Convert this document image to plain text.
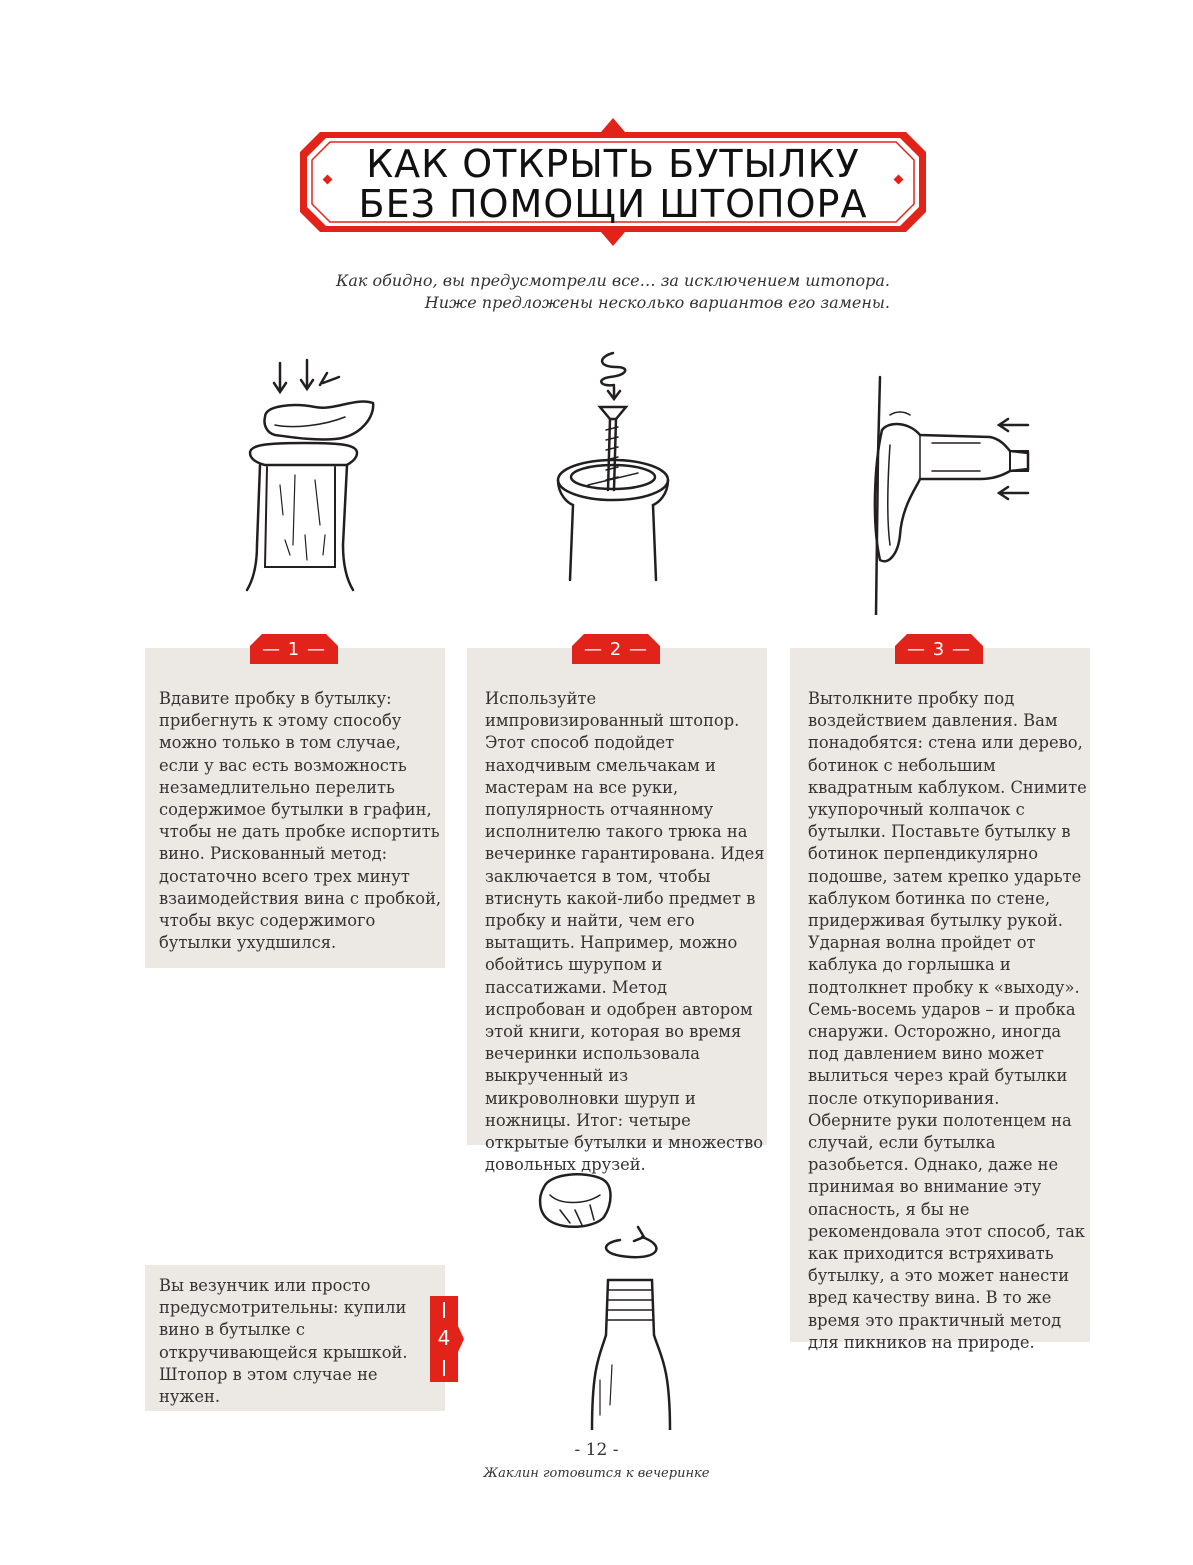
КАК ОТКРЫТЬ БУТЫЛКУ
БЕЗ ПОМОЩИ ШТОПОРА
Как обидно, вы предусмотрели все… за исключением штопора.
Ниже предложены несколько вариантов его замены.

Вдавите пробку в бутылку: прибегнуть к этому способу можно только в том случае, если у вас есть возможность незамедлительно перелить содержимое бутылки в графин, чтобы не дать пробке испортить вино. Рискованный метод: достаточно всего трех минут взаимодействия вина с пробкой, чтобы вкус содержимого бутылки ухудшился.

— 1 —

Используйте импровизированный штопор. Этот способ подойдет находчивым смельчакам и мастерам на все руки, популярность отчаянному исполнителю такого трюка на вечеринке гарантирована. Идея заключается в том, чтобы втиснуть какой-либо предмет в пробку и найти, чем его вытащить. Например, можно обойтись шурупом и пассатижами. Метод испробован и одобрен автором этой книги, которая во время вечеринки использовала выкрученный из микроволновки шуруп и ножницы. Итог: четыре открытые бутылки и множество довольных друзей.

— 2 —

Вытолкните пробку под воздействием давления. Вам понадобятся: стена или дерево, ботинок с небольшим квадратным каблуком. Снимите укупорочный колпачок с бутылки. Поставьте бутылку в ботинок перпендикулярно подошве, затем крепко ударьте каблуком ботинка по стене, придерживая бутылку рукой. Ударная волна пройдет от каблука до горлышка и подтолкнет пробку к «выходу». Семь-восемь ударов – и пробка снаружи. Осторожно, иногда под давлением вино может вылиться через край бутылки после откупоривания. Оберните руки полотенцем на случай, если бутылка разобьется. Однако, даже не принимая во внимание эту опасность, я бы не рекомендовала этот способ, так как приходится встряхивать бутылку, а это может нанести вред качеству вина. В то же время это практичный метод для пикников на природе.

— 3 —

Вы везунчик или просто предусмотрительны: купили вино в бутылке с откручивающейся крышкой. Штопор в этом случае не нужен.

4
- 12 -
Жаклин готовится к вечеринке
